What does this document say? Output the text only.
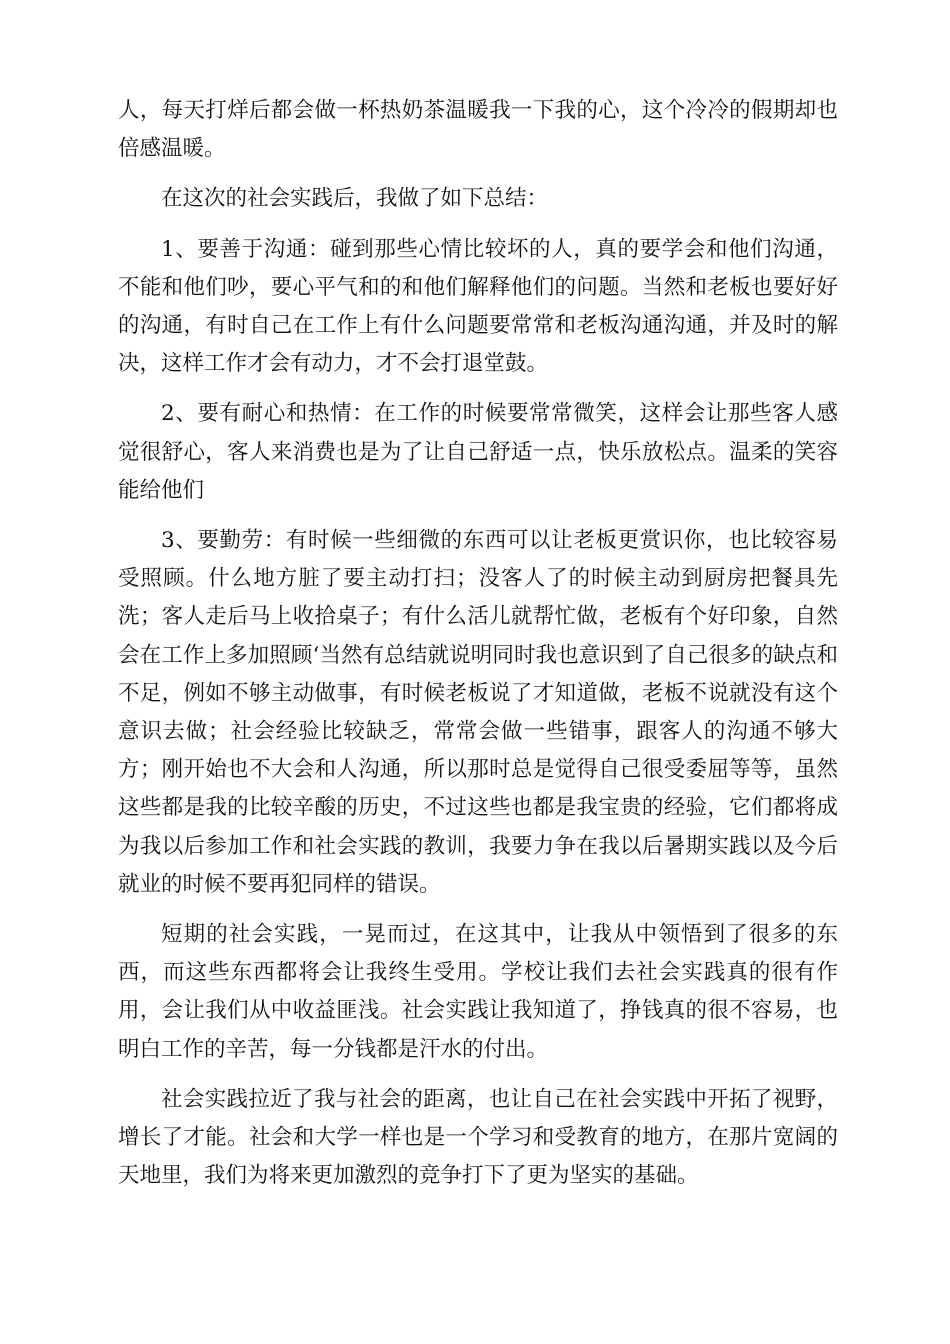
人，每天打烊后都会做一杯热奶茶温暖我一下我的心，这个冷冷的假期却也倍感温暖。

在这次的社会实践后，我做了如下总结：

1、要善于沟通：碰到那些心情比较坏的人，真的要学会和他们沟通，不能和他们吵，要心平气和的和他们解释他们的问题。当然和老板也要好好的沟通，有时自己在工作上有什么问题要常常和老板沟通沟通，并及时的解决，这样工作才会有动力，才不会打退堂鼓。

2、要有耐心和热情：在工作的时候要常常微笑，这样会让那些客人感觉很舒心，客人来消费也是为了让自己舒适一点，快乐放松点。温柔的笑容能给他们

3、要勤劳：有时候一些细微的东西可以让老板更赏识你，也比较容易受照顾。什么地方脏了要主动打扫；没客人了的时候主动到厨房把餐具先洗；客人走后马上收拾桌子；有什么活儿就帮忙做，老板有个好印象，自然会在工作上多加照顾‘当然有总结就说明同时我也意识到了自己很多的缺点和不足，例如不够主动做事，有时候老板说了才知道做，老板不说就没有这个意识去做；社会经验比较缺乏，常常会做一些错事，跟客人的沟通不够大方；刚开始也不大会和人沟通，所以那时总是觉得自己很受委屈等等，虽然这些都是我的比较辛酸的历史，不过这些也都是我宝贵的经验，它们都将成为我以后参加工作和社会实践的教训，我要力争在我以后暑期实践以及今后就业的时候不要再犯同样的错误。

短期的社会实践，一晃而过，在这其中，让我从中领悟到了很多的东西，而这些东西都将会让我终生受用。学校让我们去社会实践真的很有作用，会让我们从中收益匪浅。社会实践让我知道了，挣钱真的很不容易，也明白工作的辛苦，每一分钱都是汗水的付出。

社会实践拉近了我与社会的距离，也让自己在社会实践中开拓了视野，增长了才能。社会和大学一样也是一个学习和受教育的地方，在那片宽阔的天地里，我们为将来更加激烈的竞争打下了更为坚实的基础。
